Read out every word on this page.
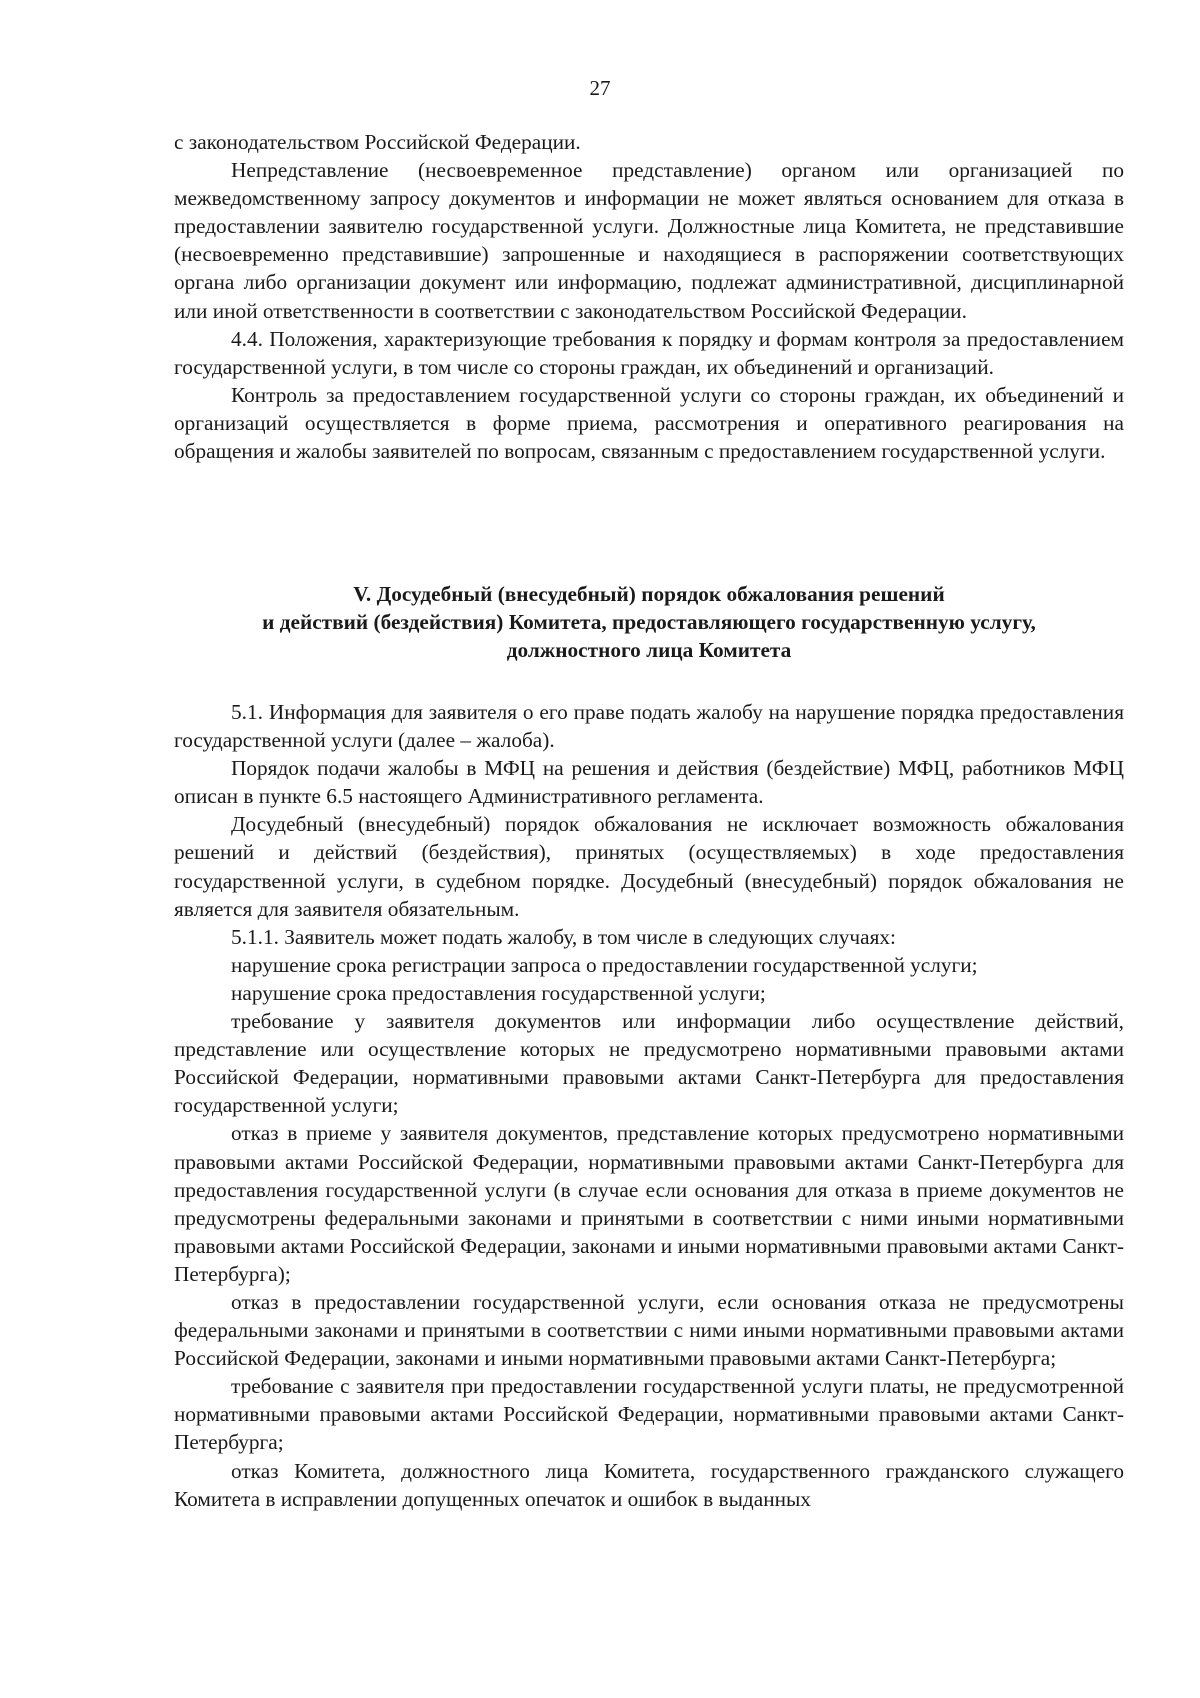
27

с законодательством Российской Федерации.

Непредставление (несвоевременное представление) органом или организацией по межведомственному запросу документов и информации не может являться основанием для отказа в предоставлении заявителю государственной услуги. Должностные лица Комитета, не представившие (несвоевременно представившие) запрошенные и находящиеся в распоряжении соответствующих органа либо организации документ или информацию, подлежат административной, дисциплинарной или иной ответственности в соответствии с законодательством Российской Федерации.

4.4. Положения, характеризующие требования к порядку и формам контроля за предоставлением государственной услуги, в том числе со стороны граждан, их объединений и организаций.

Контроль за предоставлением государственной услуги со стороны граждан, их объединений и организаций осуществляется в форме приема, рассмотрения и оперативного реагирования на обращения и жалобы заявителей по вопросам, связанным с предоставлением государственной услуги.

V. Досудебный (внесудебный) порядок обжалования решений
и действий (бездействия) Комитета, предоставляющего государственную услугу,
должностного лица Комитета

5.1. Информация для заявителя о его праве подать жалобу на нарушение порядка предоставления государственной услуги (далее – жалоба).

Порядок подачи жалобы в МФЦ на решения и действия (бездействие) МФЦ, работников МФЦ описан в пункте 6.5 настоящего Административного регламента.

Досудебный (внесудебный) порядок обжалования не исключает возможность обжалования решений и действий (бездействия), принятых (осуществляемых) в ходе предоставления государственной услуги, в судебном порядке. Досудебный (внесудебный) порядок обжалования не является для заявителя обязательным.

5.1.1. Заявитель может подать жалобу, в том числе в следующих случаях:

нарушение срока регистрации запроса о предоставлении государственной услуги;

нарушение срока предоставления государственной услуги;

требование у заявителя документов или информации либо осуществление действий, представление или осуществление которых не предусмотрено нормативными правовыми актами Российской Федерации, нормативными правовыми актами Санкт-Петербурга для предоставления государственной услуги;

отказ в приеме у заявителя документов, представление которых предусмотрено нормативными правовыми актами Российской Федерации, нормативными правовыми актами Санкт-Петербурга для предоставления государственной услуги (в случае если основания для отказа в приеме документов не предусмотрены федеральными законами и принятыми в соответствии с ними иными нормативными правовыми актами Российской Федерации, законами и иными нормативными правовыми актами Санкт-Петербурга);

отказ в предоставлении государственной услуги, если основания отказа не предусмотрены федеральными законами и принятыми в соответствии с ними иными нормативными правовыми актами Российской Федерации, законами и иными нормативными правовыми актами Санкт-Петербурга;

требование с заявителя при предоставлении государственной услуги платы, не предусмотренной нормативными правовыми актами Российской Федерации, нормативными правовыми актами Санкт-Петербурга;

отказ Комитета, должностного лица Комитета, государственного гражданского служащего Комитета в исправлении допущенных опечаток и ошибок в выданных
